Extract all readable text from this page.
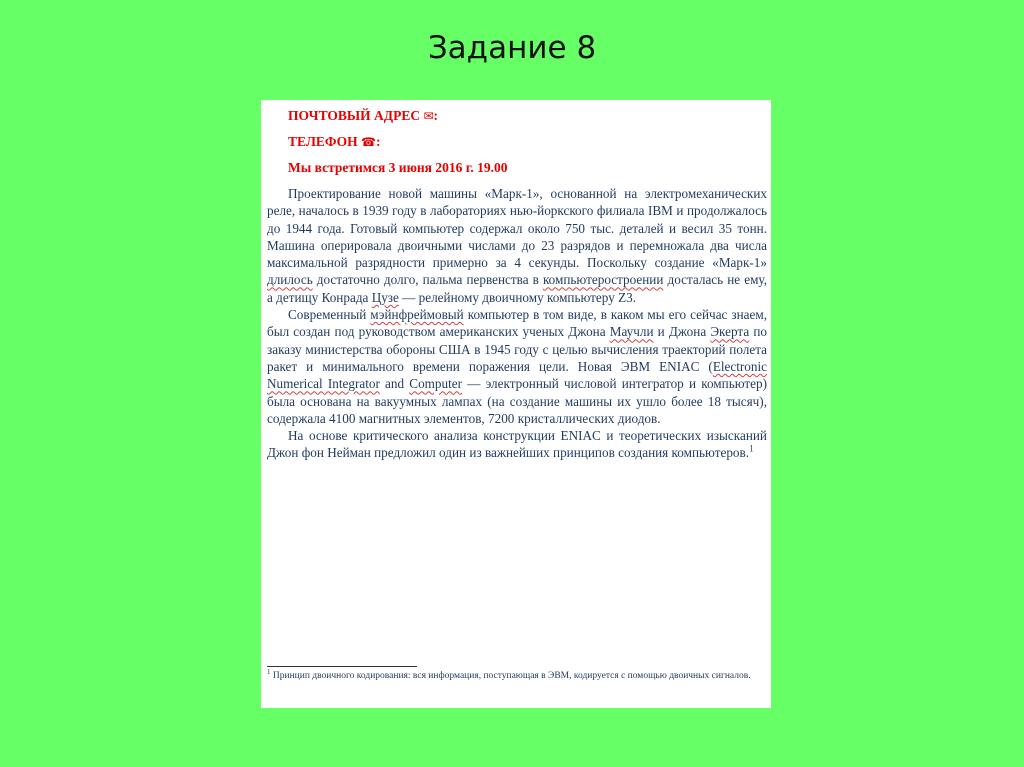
Задание 8
ПОЧТОВЫЙ АДРЕС ✉:
ТЕЛЕФОН ☎:
Мы встретимся 3 июня 2016 г. 19.00

Проектирование новой машины «Марк-1», основанной на электромеханических реле, началось в 1939 году в лабораториях нью-йоркского филиала IBM и продолжалось до 1944 года. Готовый компьютер содержал около 750 тыс. деталей и весил 35 тонн. Машина оперировала двоичными числами до 23 разрядов и перемножала два числа максимальной разрядности примерно за 4 секунды. Поскольку создание «Марк-1» длилось достаточно долго, пальма первенства в компьютеростроении досталась не ему, а детищу Конрада Цузе — релейному двоичному компьютеру Z3.

Современный мэйнфреймовый компьютер в том виде, в каком мы его сейчас знаем, был создан под руководством американских ученых Джона Маучли и Джона Экерта по заказу министерства обороны США в 1945 году с целью вычисления траекторий полета ракет и минимального времени поражения цели. Новая ЭВМ ENIAC (Electronic Numerical Integrator and Computer — электронный числовой интегратор и компьютер) была основана на вакуумных лампах (на создание машины их ушло более 18 тысяч), содержала 4100 магнитных элементов, 7200 кристаллических диодов.

На основе критического анализа конструкции ENIAC и теоретических изысканий Джон фон Нейман предложил один из важнейших принципов создания компьютеров.$^1$

$^1$ Принцип двоичного кодирования: вся информация, поступающая в ЭВМ, кодируется с помощью двоичных сигналов.
